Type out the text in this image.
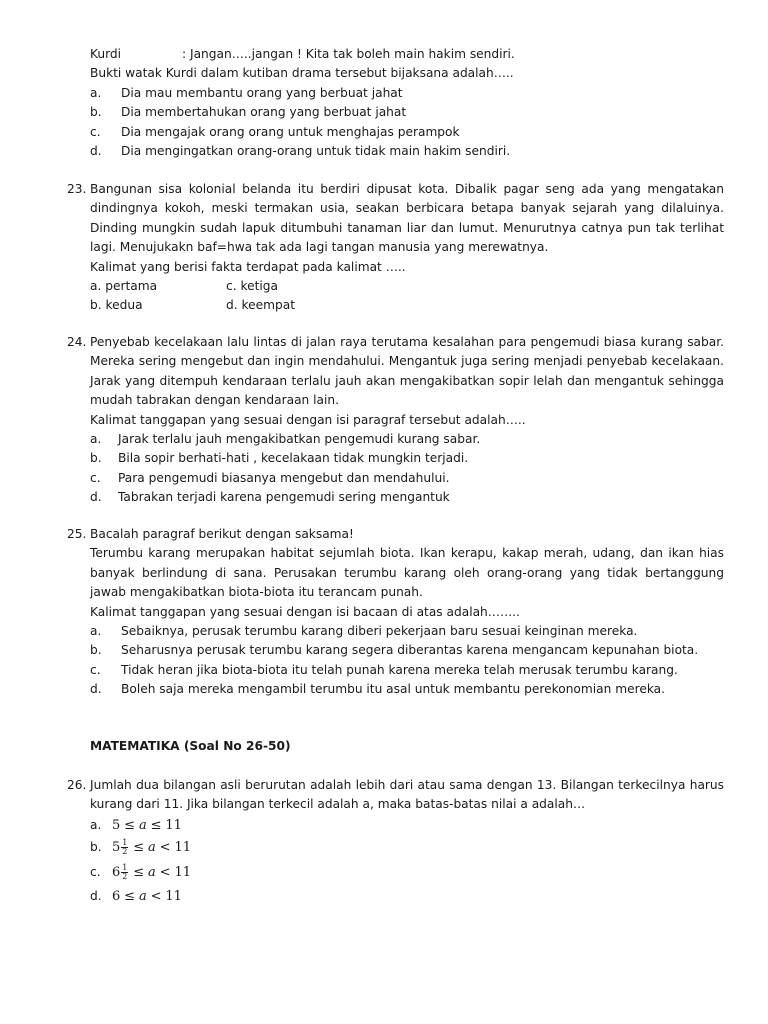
Kurdi	: Jangan…..jangan ! Kita tak boleh main hakim sendiri.

Bukti watak Kurdi dalam kutiban drama tersebut bijaksana adalah…..

a.	Dia mau membantu orang yang berbuat jahat
b.	Dia membertahukan orang yang berbuat jahat
c.	Dia mengajak orang orang untuk menghajas perampok
d.	Dia mengingatkan orang-orang untuk tidak main hakim sendiri.
23. Bangunan sisa kolonial belanda itu berdiri dipusat kota. Dibalik pagar seng ada yang mengatakan dindingnya kokoh, meski termakan usia, seakan berbicara betapa banyak sejarah yang dilaluinya. Dinding mungkin sudah lapuk ditumbuhi tanaman liar dan lumut. Menurutnya catnya pun tak terlihat lagi. Menujukakn baf=hwa tak ada lagi tangan manusia yang merewatnya.

Kalimat yang berisi fakta terdapat pada kalimat …..

a. pertama	c. ketiga
b. kedua	d. keempat
24. Penyebab kecelakaan lalu lintas di jalan raya terutama kesalahan para pengemudi biasa kurang sabar. Mereka sering mengebut dan ingin mendahului. Mengantuk juga sering menjadi penyebab kecelakaan. Jarak yang ditempuh kendaraan terlalu jauh akan mengakibatkan sopir lelah dan mengantuk sehingga mudah tabrakan dengan kendaraan lain.

Kalimat tanggapan yang sesuai dengan isi paragraf tersebut adalah…..

a.	Jarak terlalu jauh mengakibatkan pengemudi kurang sabar.
b.	Bila sopir berhati-hati , kecelakaan tidak mungkin terjadi.
c.	Para pengemudi biasanya mengebut dan mendahului.
d.	Tabrakan terjadi karena pengemudi sering mengantuk
25. Bacalah paragraf berikut dengan saksama!

Terumbu karang merupakan habitat sejumlah biota. Ikan kerapu, kakap merah, udang, dan ikan hias banyak berlindung di sana. Perusakan terumbu karang oleh orang-orang yang tidak bertanggung jawab mengakibatkan biota-biota itu terancam punah.

Kalimat tanggapan yang sesuai dengan isi bacaan di atas adalah……..

a.	Sebaiknya, perusak terumbu karang diberi pekerjaan baru sesuai keinginan mereka.
b.	Seharusnya perusak terumbu karang segera diberantas karena mengancam kepunahan biota.
c.	Tidak heran jika biota-biota itu telah punah karena mereka telah merusak terumbu karang.
d.	Boleh saja mereka mengambil terumbu itu asal untuk membantu perekonomian mereka.

MATEMATIKA (Soal No 26-50)

26. Jumlah dua bilangan asli berurutan adalah lebih dari atau sama dengan 13. Bilangan terkecilnya harus kurang dari 11. Jika bilangan terkecil adalah a, maka batas-batas nilai a adalah…

a. 5 ≤ a ≤ 11
b. $5 \frac{1}{2} \le a < 11$
c. $6 \frac{1}{2} \le a < 11$
d. 6 ≤ a < 11
